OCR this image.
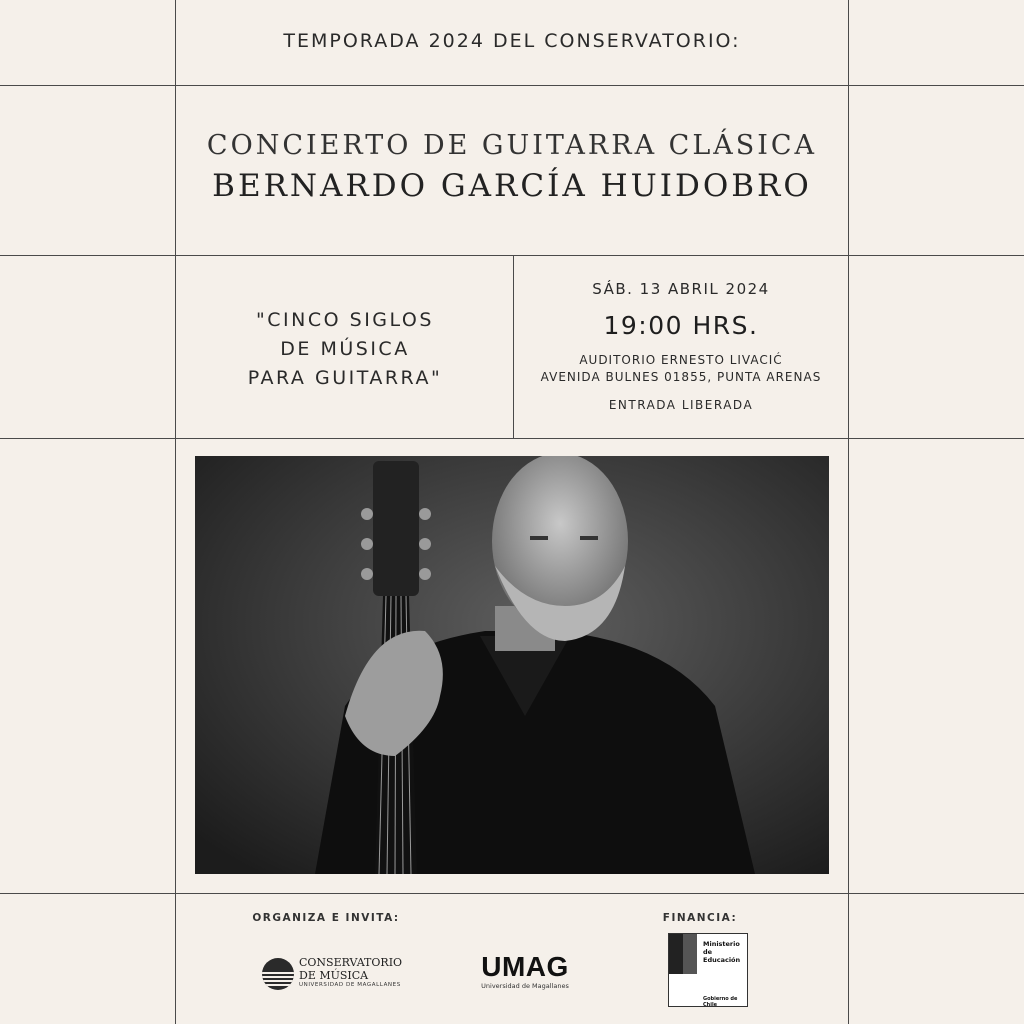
TEMPORADA 2024 DEL CONSERVATORIO:
CONCIERTO DE GUITARRA CLÁSICA
BERNARDO GARCÍA HUIDOBRO
"CINCO SIGLOS
DE MÚSICA
PARA GUITARRA"
SÁB. 13 ABRIL 2024
19:00 HRS.
AUDITORIO ERNESTO LIVACIĆ
AVENIDA BULNES 01855, PUNTA ARENAS
ENTRADA LIBERADA
ORGANIZA E INVITA:	FINANCIA:
CONSERVATORIO
DE MÚSICA
UNIVERSIDAD DE MAGALLANES
UMAG
Universidad de Magallanes
Ministerio de
Educación
Gobierno de Chile
